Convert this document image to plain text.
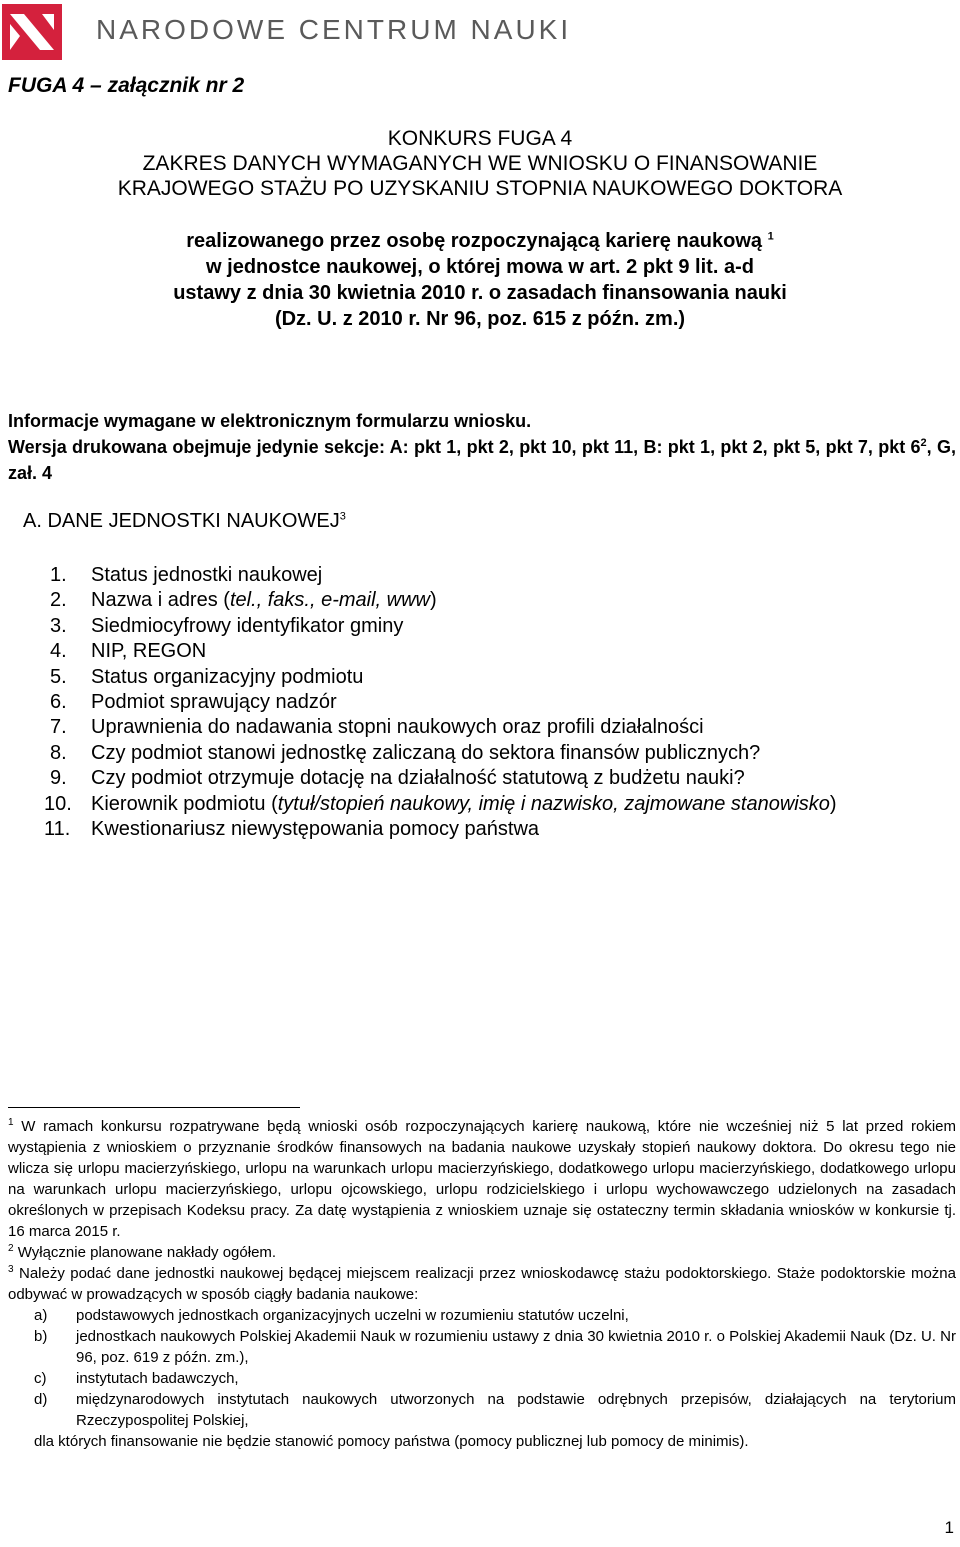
NARODOWE CENTRUM NAUKI
FUGA 4 – załącznik nr 2
KONKURS FUGA 4
ZAKRES DANYCH WYMAGANYCH WE WNIOSKU O FINANSOWANIE
KRAJOWEGO STAŻU PO UZYSKANIU STOPNIA NAUKOWEGO DOKTORA
realizowanego przez osobę rozpoczynającą karierę naukową $^1$
w jednostce naukowej, o której mowa w art. 2 pkt 9 lit. a-d
ustawy z dnia 30 kwietnia 2010 r. o zasadach finansowania nauki
(Dz. U. z 2010 r. Nr 96, poz. 615 z późn. zm.)

Informacje wymagane w elektronicznym formularzu wniosku.

Wersja drukowana obejmuje jedynie sekcje: A: pkt 1, pkt 2, pkt 10, pkt 11, B: pkt 1, pkt 2, pkt 5, pkt 7, pkt $6^2$, G, zał. 4

A. DANE JEDNOSTKI NAUKOWEJ$^3$
1.	Status jednostki naukowej
2.	Nazwa i adres ( tel., faks., e-mail, www )
3.	Siedmiocyfrowy identyfikator gminy
4.	NIP, REGON
5.	Status organizacyjny podmiotu
6.	Podmiot sprawujący nadzór
7.	Uprawnienia do nadawania stopni naukowych oraz profili działalności
8.	Czy podmiot stanowi jednostkę zaliczaną do sektora finansów publicznych?
9.	Czy podmiot otrzymuje dotację na działalność statutową z budżetu nauki?
10. Kierownik podmiotu ( tytuł/stopień naukowy, imię i nazwisko, zajmowane stanowisko )
11.	Kwestionariusz niewystępowania pomocy państwa

$^1$ W ramach konkursu rozpatrywane będą wnioski osób rozpoczynających karierę naukową, które nie wcześniej niż 5 lat przed rokiem wystąpienia z wnioskiem o przyznanie środków finansowych na badania naukowe uzyskały stopień naukowy doktora. Do okresu tego nie wlicza się urlopu macierzyńskiego, urlopu na warunkach urlopu macierzyńskiego, dodatkowego urlopu macierzyńskiego, dodatkowego urlopu na warunkach urlopu macierzyńskiego, urlopu ojcowskiego, urlopu rodzicielskiego i urlopu wychowawczego udzielonych na zasadach określonych w przepisach Kodeksu pracy. Za datę wystąpienia z wnioskiem uznaje się ostateczny termin składania wniosków w konkursie tj. 16 marca 2015 r.

$^2$ Wyłącznie planowane nakłady ogółem.

$^3$ Należy podać dane jednostki naukowej będącej miejscem realizacji przez wnioskodawcę stażu podoktorskiego. Staże podoktorskie można odbywać w prowadzących w sposób ciągły badania naukowe:

a)	podstawowych jednostkach organizacyjnych uczelni w rozumieniu statutów uczelni,
b)	jednostkach naukowych Polskiej Akademii Nauk w rozumieniu ustawy z dnia 30 kwietnia 2010 r. o Polskiej Akademii Nauk (Dz. U. Nr 96, poz. 619 z późn. zm.),
c)	instytutach badawczych,
d)	międzynarodowych instytutach naukowych utworzonych na podstawie odrębnych przepisów, działających na terytorium Rzeczypospolitej Polskiej,

dla których finansowanie nie będzie stanowić pomocy państwa (pomocy publicznej lub pomocy de minimis).

1
